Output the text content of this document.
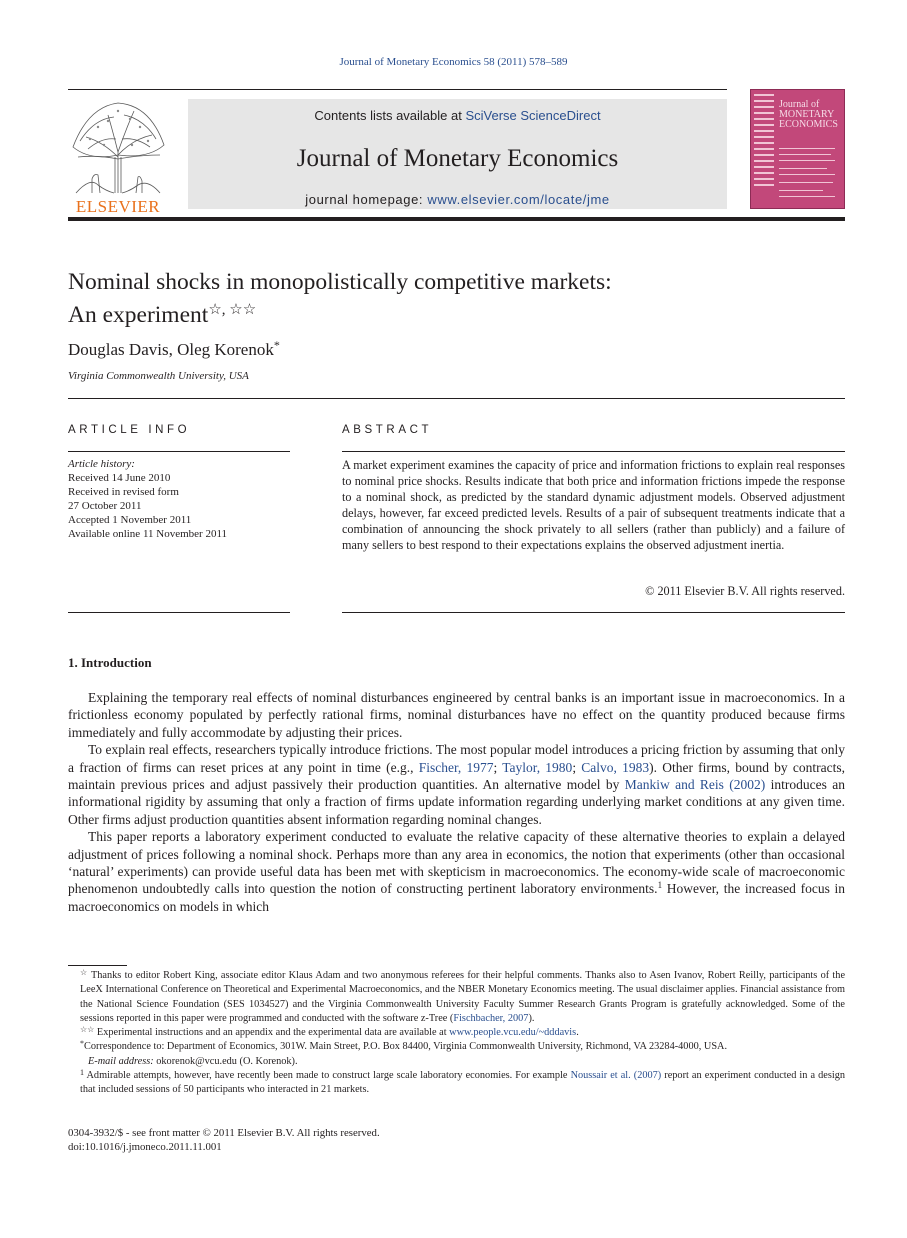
Journal of Monetary Economics 58 (2011) 578–589
ELSEVIER
Contents lists available at SciVerse ScienceDirect
Journal of Monetary Economics
journal homepage: www.elsevier.com/locate/jme
Journal of MONETARY ECONOMICS
Nominal shocks in monopolistically competitive markets:
An experiment☆, ☆☆
Douglas Davis, Oleg Korenok*
Virginia Commonwealth University, USA
ARTICLE INFO	ABSTRACT
Article history:
Received 14 June 2010
Received in revised form
27 October 2011
Accepted 1 November 2011
Available online 11 November 2011
A market experiment examines the capacity of price and information frictions to explain real responses to nominal price shocks. Results indicate that both price and information frictions impede the response to a nominal shock, as predicted by the standard dynamic adjustment models. Observed adjustment delays, however, far exceed predicted levels. Results of a pair of subsequent treatments indicate that a combination of announcing the shock privately to all sellers (rather than publicly) and a failure of many sellers to best respond to their expectations explains the observed adjustment inertia.
© 2011 Elsevier B.V. All rights reserved.
1. Introduction

Explaining the temporary real effects of nominal disturbances engineered by central banks is an important issue in macroeconomics. In a frictionless economy populated by perfectly rational firms, nominal disturbances have no effect on the quantity produced because firms immediately and fully accommodate by adjusting their prices.

To explain real effects, researchers typically introduce frictions. The most popular model introduces a pricing friction by assuming that only a fraction of firms can reset prices at any point in time (e.g., Fischer, 1977; Taylor, 1980; Calvo, 1983). Other firms, bound by contracts, maintain previous prices and adjust passively their production quantities. An alternative model by Mankiw and Reis (2002) introduces an informational rigidity by assuming that only a fraction of firms update information regarding underlying market conditions at any given time. Other firms adjust production quantities absent information regarding nominal changes.

This paper reports a laboratory experiment conducted to evaluate the relative capacity of these alternative theories to explain a delayed adjustment of prices following a nominal shock. Perhaps more than any area in economics, the notion that experiments (other than occasional ‘natural’ experiments) can provide useful data has been met with skepticism in macroeconomics. The economy-wide scale of macroeconomic phenomenon undoubtedly calls into question the notion of constructing pertinent laboratory environments.$^1$ However, the increased focus in macroeconomics on models in which

☆ Thanks to editor Robert King, associate editor Klaus Adam and two anonymous referees for their helpful comments. Thanks also to Asen Ivanov, Robert Reilly, participants of the LeeX International Conference on Theoretical and Experimental Macroeconomics, and the NBER Monetary Economics meeting. The usual disclaimer applies. Financial assistance from the National Science Foundation (SES 1034527) and the Virginia Commonwealth University Faculty Summer Research Grants Program is gratefully acknowledged. Some of the sessions reported in this paper were programmed and conducted with the software z-Tree (Fischbacher, 2007).

☆☆ Experimental instructions and an appendix and the experimental data are available at www.people.vcu.edu/~dddavis.

*Correspondence to: Department of Economics, 301W. Main Street, P.O. Box 84400, Virginia Commonwealth University, Richmond, VA 23284-4000, USA.

E-mail address: okorenok@vcu.edu (O. Korenok).

$^1$ Admirable attempts, however, have recently been made to construct large scale laboratory economies. For example Noussair et al. (2007) report an experiment conducted in a design that included sessions of 50 participants who interacted in 21 markets.

0304-3932/$ - see front matter © 2011 Elsevier B.V. All rights reserved.
doi:10.1016/j.jmoneco.2011.11.001
